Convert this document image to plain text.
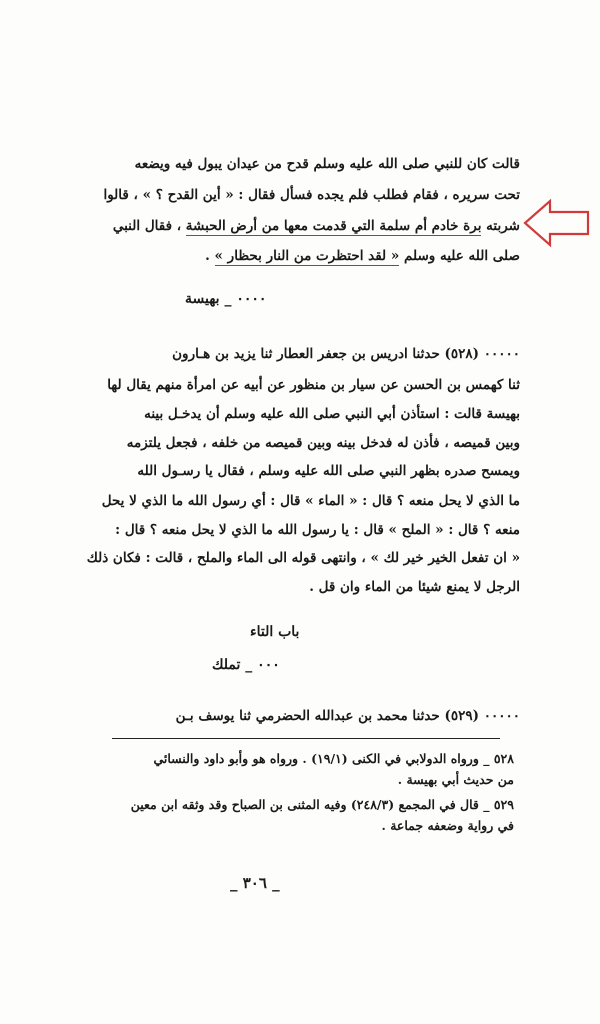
قالت كان للنبي صلى الله عليه وسلم قدح من عيدان يبول فيه ويضعه
تحت سريره ، فقام فطلب فلم يجده فسأل فقال : « أين القدح ؟ » ، قالوا
شربته برة خادم أم سلمة التي قدمت معها من أرض الحبشة ، فقال النبي
صلى الله عليه وسلم « لقد احتظرت من النار بحظار » .
٠٠٠٠ _ بهيسة
٠٠٠٠٠ (٥٢٨) حدثنا ادريس بن جعفر العطار ثنا يزيد بن هـارون
ثنا كهمس بن الحسن عن سيار بن منظور عن أبيه عن امرأة منهم يقال لها
بهيسة قالت : استأذن أبي النبي صلى الله عليه وسلم أن يدخـل بينه
وبين قميصه ، فأذن له فدخل بينه وبين قميصه من خلفه ، فجعل يلتزمه
ويمسح صدره بظهر النبي صلى الله عليه وسلم ، فقال يا رسـول الله
ما الذي لا يحل منعه ؟ قال : « الماء » قال : أي رسول الله ما الذي لا يحل
منعه ؟ قال : « الملح » قال : يا رسول الله ما الذي لا يحل منعه ؟ قال :
« ان تفعل الخير خير لك » ، وانتهى قوله الى الماء والملح ، قالت : فكان ذلك
الرجل لا يمنع شيئا من الماء وان قل .
باب التاء
٠٠٠ _ تملك
٠٠٠٠٠ (٥٢٩) حدثنا محمد بن عبدالله الحضرمي ثنا يوسف بـن
٥٢٨ _ ورواه الدولابي في الكنى (١٩/١) . ورواه هو وأبو داود والنسائي
من حديث أبي بهيسة .
٥٢٩ _ قال في المجمع (٢٤٨/٣) وفيه المثنى بن الصباح وقد وثقه ابن معين
في رواية وضعفه جماعة .
_ ٣٠٦ _
